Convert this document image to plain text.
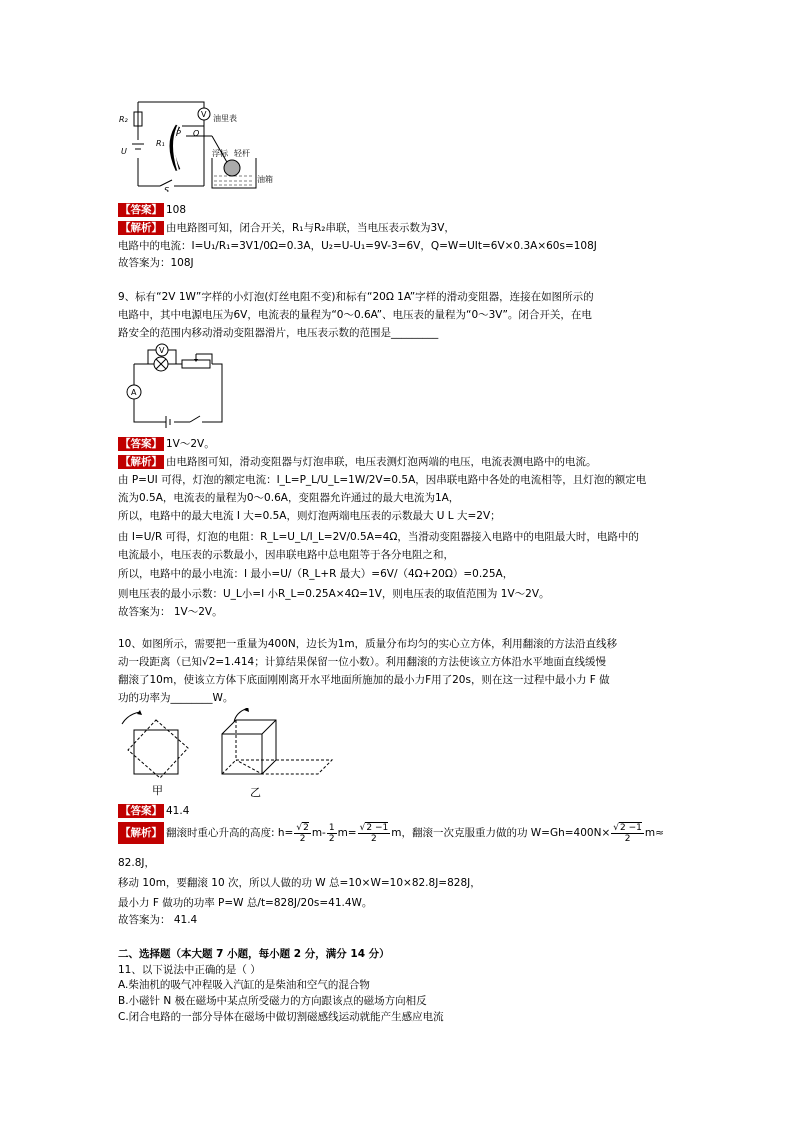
V
R₂
R₁
P O
U
S
油里表
浮标 轻杆
油箱
【答案】 108
【解析】 由电路图可知，闭合开关，R₁与R₂串联，当电压表示数为3V，
电路中的电流：I=U₁/R₁=3V1/0Ω=0.3A，U₂=U-U₁=9V-3=6V，Q=W=UIt=6V×0.3A×60s=108J
故答案为：108J
9、标有“2V 1W”字样的小灯泡(灯丝电阻不变)和标有“20Ω 1A”字样的滑动变阻器，连接在如图所示的
电路中，其中电源电压为6V，电流表的量程为“0～0.6A”、电压表的量程为“0～3V”。闭合开关，在电
路安全的范围内移动滑动变阻器滑片，电压表示数的范围是_________
V
A
【答案】 1V～2V。
【解析】 由电路图可知，滑动变阻器与灯泡串联，电压表测灯泡两端的电压，电流表测电路中的电流。
由 P=UI 可得，灯泡的额定电流：I_L=P_L/U_L=1W/2V=0.5A，因串联电路中各处的电流相等，且灯泡的额定电
流为0.5A，电流表的量程为0～0.6A，变阻器允许通过的最大电流为1A，
所以，电路中的最大电流 I 大=0.5A，则灯泡两端电压表的示数最大 U L 大=2V；
由 I=U/R 可得，灯泡的电阻：R_L=U_L/I_L=2V/0.5A=4Ω，当滑动变阻器接入电路中的电阻最大时，电路中的
电流最小，电压表的示数最小，因串联电路中总电阻等于各分电阻之和，
所以，电路中的最小电流：I 最小=U/（R_L+R 最大）=6V/（4Ω+20Ω）=0.25A，
则电压表的最小示数：U_L小=I 小R_L=0.25A×4Ω=1V，则电压表的取值范围为 1V～2V。
故答案为： 1V～2V。
10、如图所示，需要把一重量为400N，边长为1m，质量分布均匀的实心立方体，利用翻滚的方法沿直线移
动一段距离（已知√2=1.414；计算结果保留一位小数）。利用翻滚的方法使该立方体沿水平地面直线缓慢
翻滚了10m，使该立方体下底面刚刚离开水平地面所施加的最小力F用了20s，则在这一过程中最小力 F 做
功的功率为________W。
甲	乙
【答案】 41.4
【解析】 翻滚时重心升高的高度: $h= \frac{√2}{2} m- \frac{1}{2} m= \frac{√2 -1}{2}$ m，翻滚一次克服重力做的功 $W=Gh=400N\times \frac{√2 -1}{2} m\approx$
82.8J，
移动 10m，要翻滚 10 次，所以人做的功 W 总=10×W=10×82.8J=828J，
最小力 F 做功的功率 P=W 总/t=828J/20s=41.4W。
故答案为： 41.4
二、选择题（本大题 7 小题，每小题 2 分，满分 14 分）
11、以下说法中正确的是（ ）
A.柴油机的吸气冲程吸入汽缸的是柴油和空气的混合物
B.小磁针 N 极在磁场中某点所受磁力的方向跟该点的磁场方向相反
C.闭合电路的一部分导体在磁场中做切割磁感线运动就能产生感应电流
